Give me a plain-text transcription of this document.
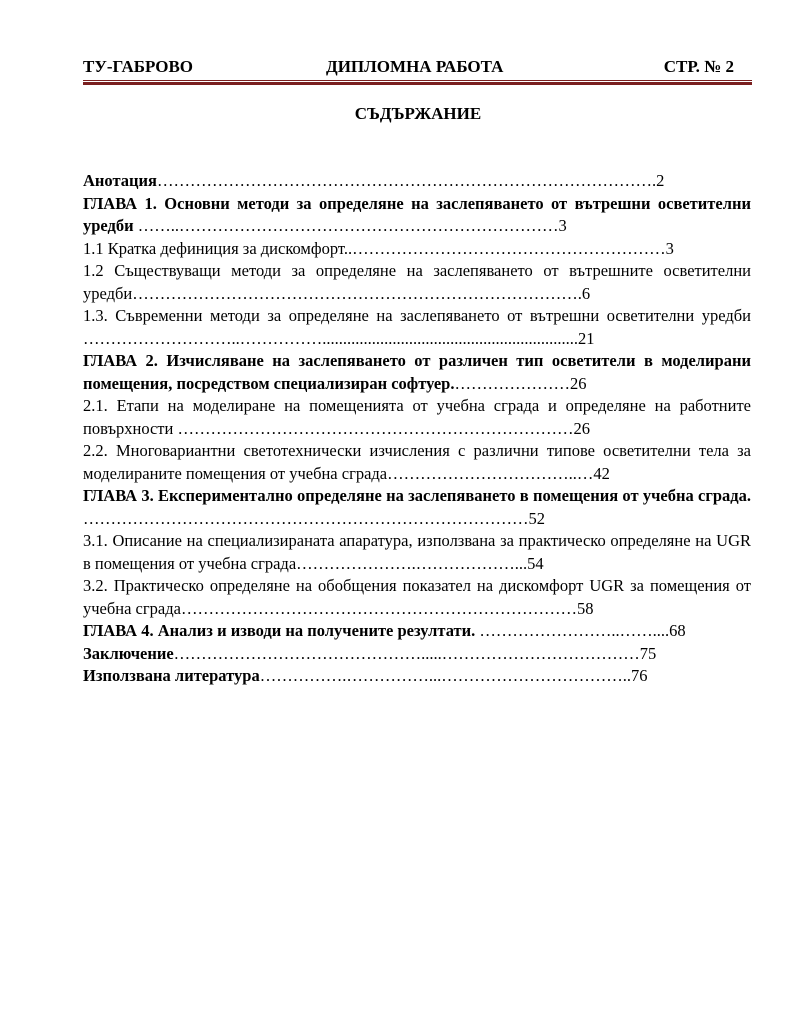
ТУ-ГАБРОВО	ДИПЛОМНА РАБОТА	СТР. № 2
СЪДЪРЖАНИЕ

Анотация……………………………………………………………………………….2

ГЛАВА 1. Основни методи за определяне на заслепяването от вътрешни осветителни уредби ……..……………………………………………………………3

1.1 Кратка дефиниция за дискомфорт..…………………………………………………3

1.2 Съществуващи методи за определяне на заслепяването от вътрешните осветителни уредби……………………………………………………………………….6

1.3. Съвременни методи за определяне на заслепяването от вътрешни осветителни уредби ………………………..……………..............................................................21

ГЛАВА 2. Изчисляване на заслепяването от различен тип осветители в моделирани помещения, посредством специализиран софтуер.…………………26

2.1. Етапи на моделиране на помещенията от учебна сграда и определяне на работните повърхности ………………………………………………………………26

2.2. Многовариантни светотехнически изчисления с различни типове осветителни тела за моделираните помещения от учебна сграда……………………………..…42

ГЛАВА 3. Експериментално определяне на заслепяването в помещения от учебна сграда. ………………………………………………………………………52

3.1. Описание на специализираната апаратура, използвана за практическо определяне на UGR в помещения от учебна сграда………………….………………...54

3.2. Практическо определяне на обобщения показател на дискомфорт UGR за помещения от учебна сграда………………………………………………………………58

ГЛАВА 4. Анализ и изводи на получените резултати. ……………………..……....68

Заключение……………………………………….....………………………………75

Използвана литература…………….……………...……………………………..76
